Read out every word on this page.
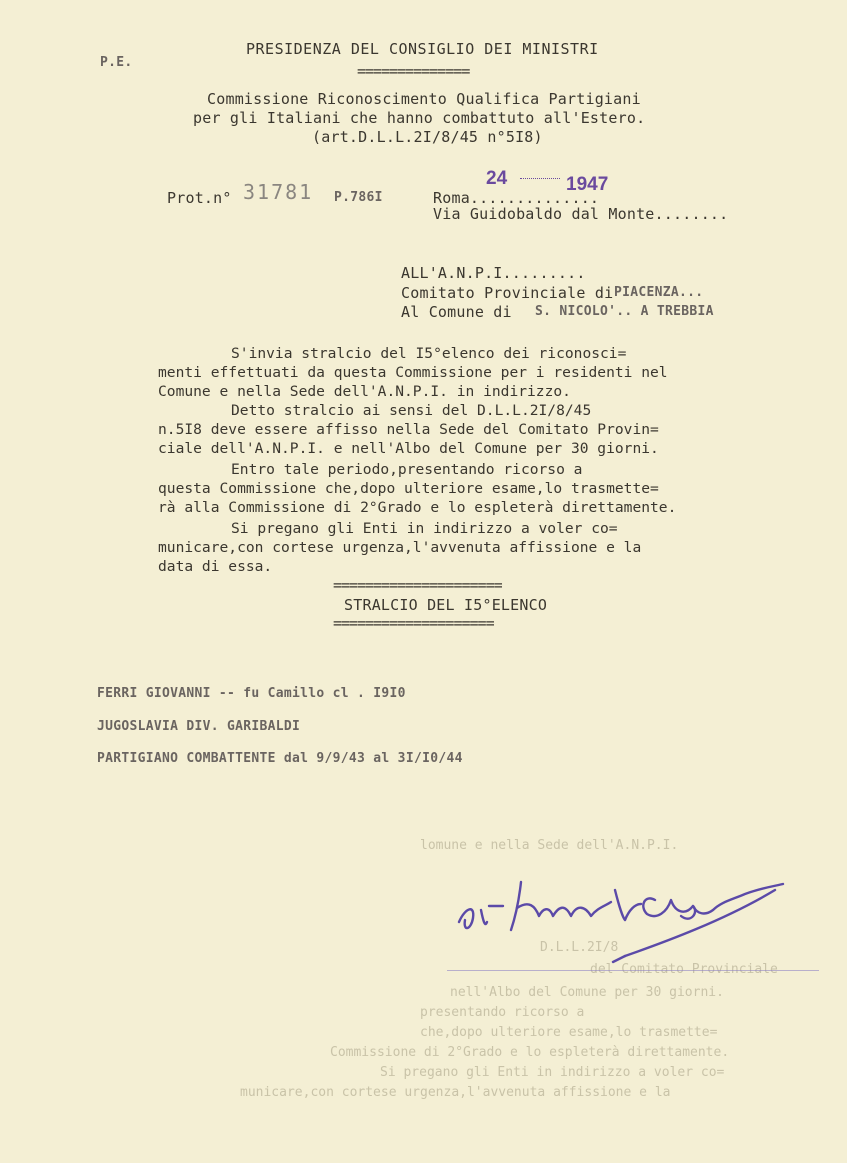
lomune e nella Sede dell'A.N.P.I.
D.L.L.2I/8
del Comitato Provinciale
nell'Albo del Comune per 30 giorni.
presentando ricorso a
che,dopo ulteriore esame,lo trasmette=
Commissione di 2°Grado e lo espleterà direttamente.
Si pregano gli Enti in indirizzo a voler co=
municare,con cortese urgenza,l'avvenuta affissione e la
P.E.
PRESIDENZA DEL CONSIGLIO DEI MINISTRI
==============
Commissione Riconoscimento Qualifica Partigiani
per gli Italiani che hanno combattuto all'Estero.
(art.D.L.L.2I/8/45 n°5I8)
Prot.n° 31781 P.786I	Roma..............
24	1947
Via Guidobaldo dal Monte........
ALL'A.N.P.I.........
Comitato Provinciale di PIACENZA...
Al Comune di S. NICOLO'.. A TREBBIA
S'invia stralcio del I5°elenco dei riconosci=
menti effettuati da questa Commissione per i residenti nel
Comune e nella Sede dell'A.N.P.I. in indirizzo.
Detto stralcio ai sensi del D.L.L.2I/8/45
n.5I8 deve essere affisso nella Sede del Comitato Provin=
ciale dell'A.N.P.I. e nell'Albo del Comune per 30 giorni.
Entro tale periodo,presentando ricorso a
questa Commissione che,dopo ulteriore esame,lo trasmette=
rà alla Commissione di 2°Grado e lo espleterà direttamente.
Si pregano gli Enti in indirizzo a voler co=
municare,con cortese urgenza,l'avvenuta affissione e la
data di essa.
=====================
STRALCIO DEL I5°ELENCO
====================
FERRI GIOVANNI -- fu Camillo cl . I9I0
JUGOSLAVIA DIV. GARIBALDI
PARTIGIANO COMBATTENTE dal 9/9/43 al 3I/I0/44
